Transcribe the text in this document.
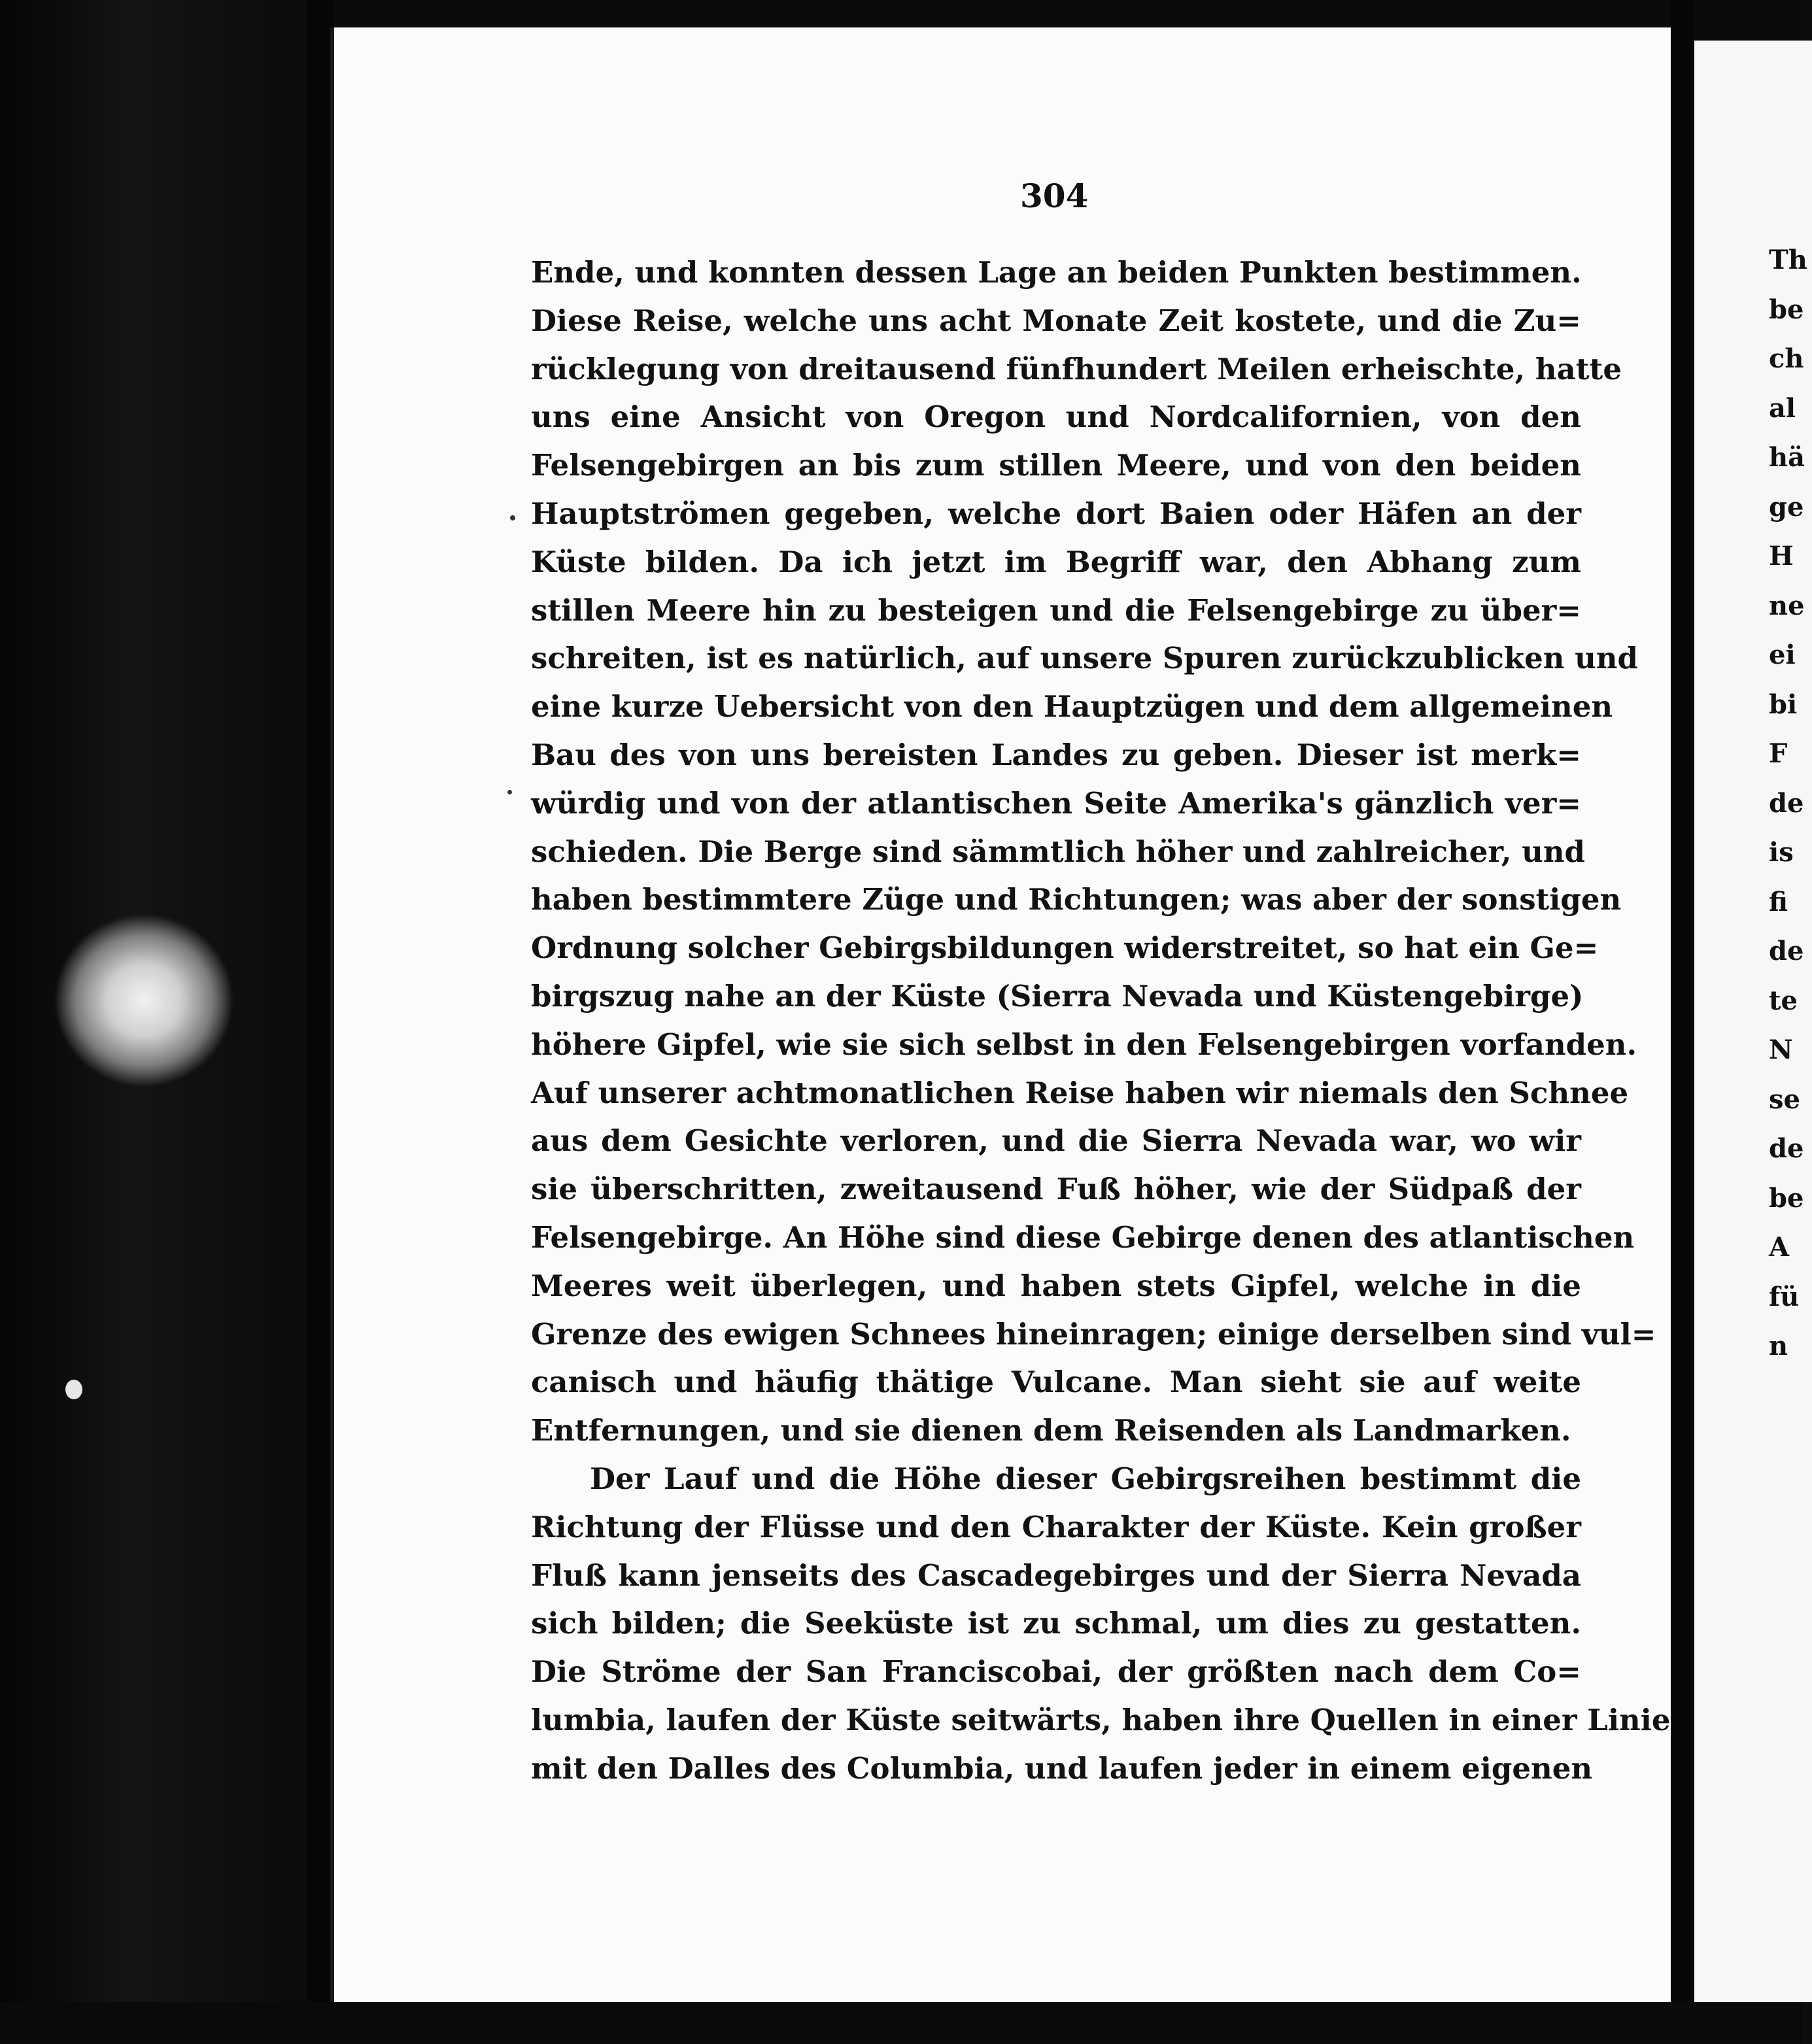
304
Ende, und konnten dessen Lage an beiden Punkten bestimmen.
Diese Reise, welche uns acht Monate Zeit kostete, und die Zu=
rücklegung von dreitausend fünfhundert Meilen erheischte, hatte
uns eine Ansicht von Oregon und Nordcalifornien, von den
Felsengebirgen an bis zum stillen Meere, und von den beiden
Hauptströmen gegeben, welche dort Baien oder Häfen an der
Küste bilden. Da ich jetzt im Begriff war, den Abhang zum
stillen Meere hin zu besteigen und die Felsengebirge zu über=
schreiten, ist es natürlich, auf unsere Spuren zurückzublicken und
eine kurze Uebersicht von den Hauptzügen und dem allgemeinen
Bau des von uns bereisten Landes zu geben. Dieser ist merk=
würdig und von der atlantischen Seite Amerika's gänzlich ver=
schieden. Die Berge sind sämmtlich höher und zahlreicher, und
haben bestimmtere Züge und Richtungen; was aber der sonstigen
Ordnung solcher Gebirgsbildungen widerstreitet, so hat ein Ge=
birgszug nahe an der Küste (Sierra Nevada und Küstengebirge)
höhere Gipfel, wie sie sich selbst in den Felsengebirgen vorfanden.
Auf unserer achtmonatlichen Reise haben wir niemals den Schnee
aus dem Gesichte verloren, und die Sierra Nevada war, wo wir
sie überschritten, zweitausend Fuß höher, wie der Südpaß der
Felsengebirge. An Höhe sind diese Gebirge denen des atlantischen
Meeres weit überlegen, und haben stets Gipfel, welche in die
Grenze des ewigen Schnees hineinragen; einige derselben sind vul=
canisch und häufig thätige Vulcane. Man sieht sie auf weite
Entfernungen, und sie dienen dem Reisenden als Landmarken.
Der Lauf und die Höhe dieser Gebirgsreihen bestimmt die
Richtung der Flüsse und den Charakter der Küste. Kein großer
Fluß kann jenseits des Cascadegebirges und der Sierra Nevada
sich bilden; die Seeküste ist zu schmal, um dies zu gestatten.
Die Ströme der San Franciscobai, der größten nach dem Co=
lumbia, laufen der Küste seitwärts, haben ihre Quellen in einer Linie
mit den Dalles des Columbia, und laufen jeder in einem eigenen
Th
be
ch
al
hä
ge
H
ne
ei
bi
F
de
is
fi
de
te
N
se
de
be
A
fü
n
